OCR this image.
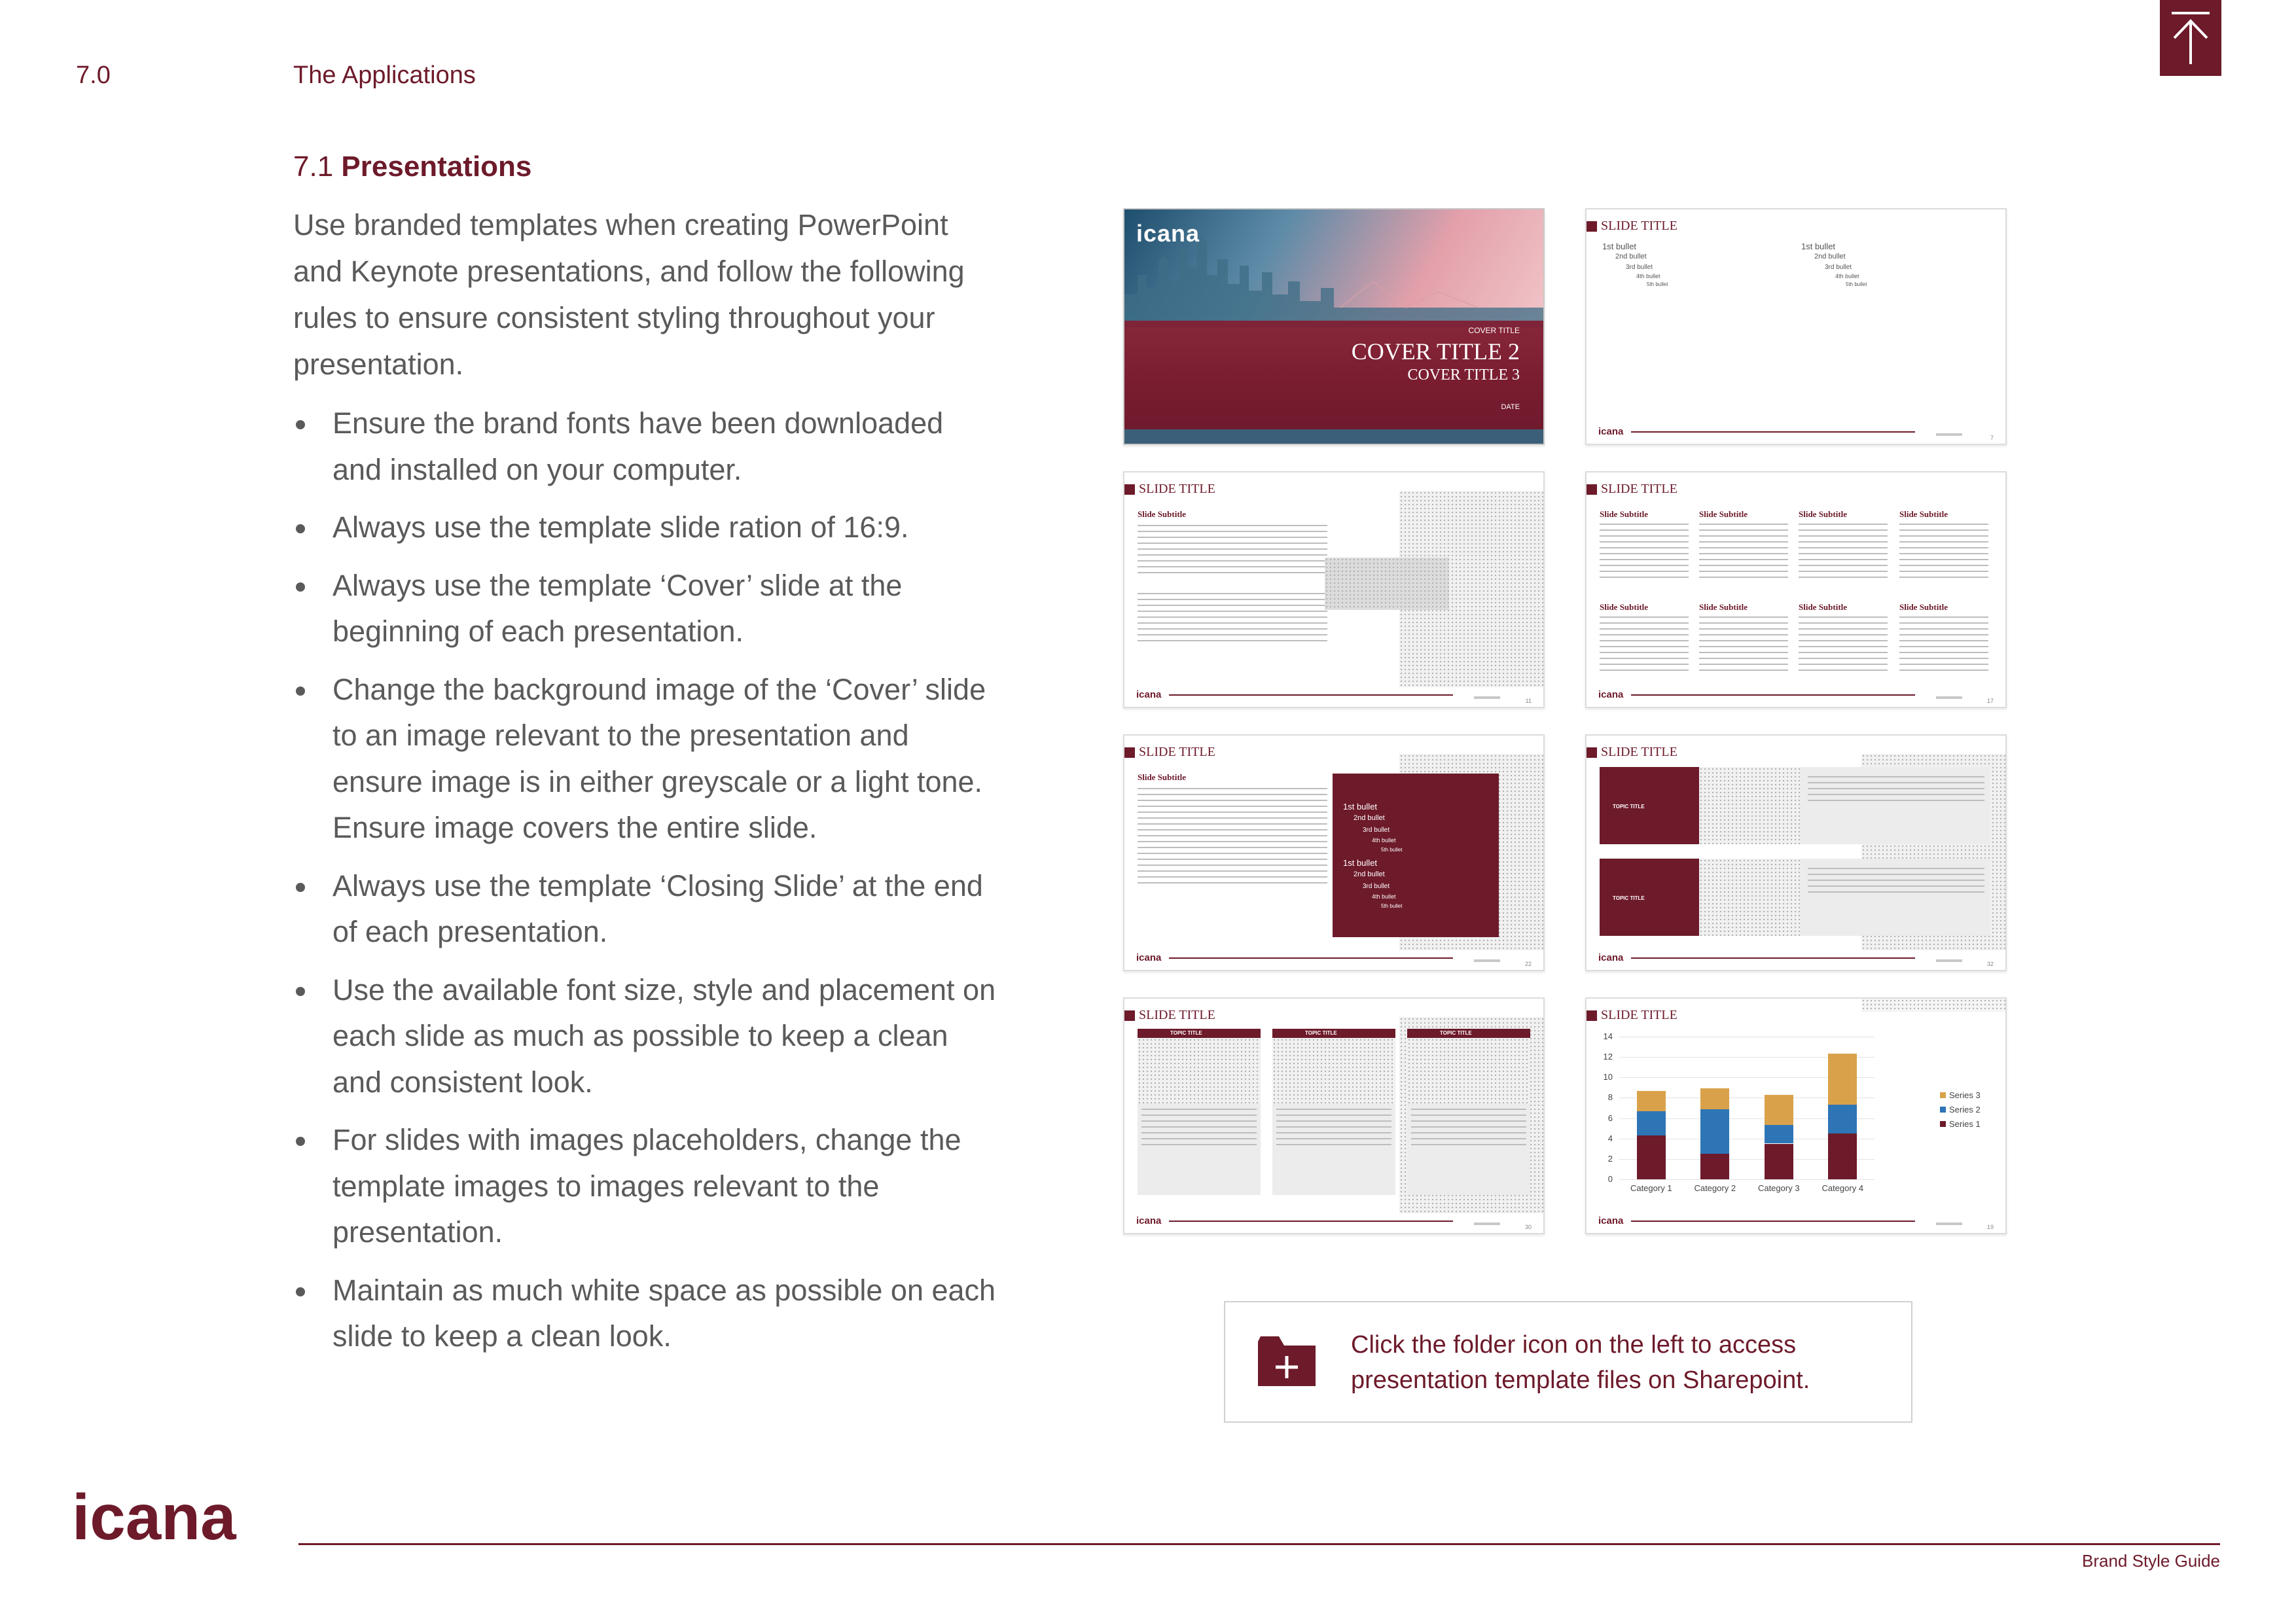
7.0	The Applications
7.1 Presentations
Use branded templates when creating PowerPoint and Keynote presentations, and follow the following rules to ensure consistent styling throughout your presentation.
Ensure the brand fonts have been downloaded and installed on your computer.
Always use the template slide ration of 16:9.
Always use the template ‘Cover’ slide at the beginning of each presentation.
Change the background image of the ‘Cover’ slide to an image relevant to the presentation and ensure image is in either greyscale or a light tone. Ensure image covers the entire slide.
Always use the template ‘Closing Slide’ at the end of each presentation.
Use the available font size, style and placement on each slide as much as possible to keep a clean and consistent look.
For slides with images placeholders, change the template images to images relevant to the presentation.
Maintain as much white space as possible on each slide to keep a clean look.
icana
COVER TITLE
COVER TITLE 2
COVER TITLE 3
DATE
SLIDE TITLE
1st bullet
2nd bullet
3rd bullet
4th bullet
5th bullet
1st bullet
2nd bullet
3rd bullet
4th bullet
5th bullet
icana
7
SLIDE TITLE
Slide Subtitle
icana
11
SLIDE TITLE
Slide Subtitle	Slide Subtitle	Slide Subtitle	Slide Subtitle
Slide Subtitle	Slide Subtitle	Slide Subtitle	Slide Subtitle
icana
17
SLIDE TITLE
Slide Subtitle
1st bullet
2nd bullet
3rd bullet
4th bullet
5th bullet
1st bullet
2nd bullet
3rd bullet
4th bullet
5th bullet
icana
22
SLIDE TITLE
TOPIC TITLE
TOPIC TITLE
icana
32
SLIDE TITLE
TOPIC TITLE	TOPIC TITLE	TOPIC TITLE
icana
30
SLIDE TITLE
0
2
4
6
8
10
12
14
Category 1	Category 2	Category 3	Category 4
Series 3
Series 2
Series 1
icana
19
Click the folder icon on the left to access presentation template files on Sharepoint.
icana
Brand Style Guide
